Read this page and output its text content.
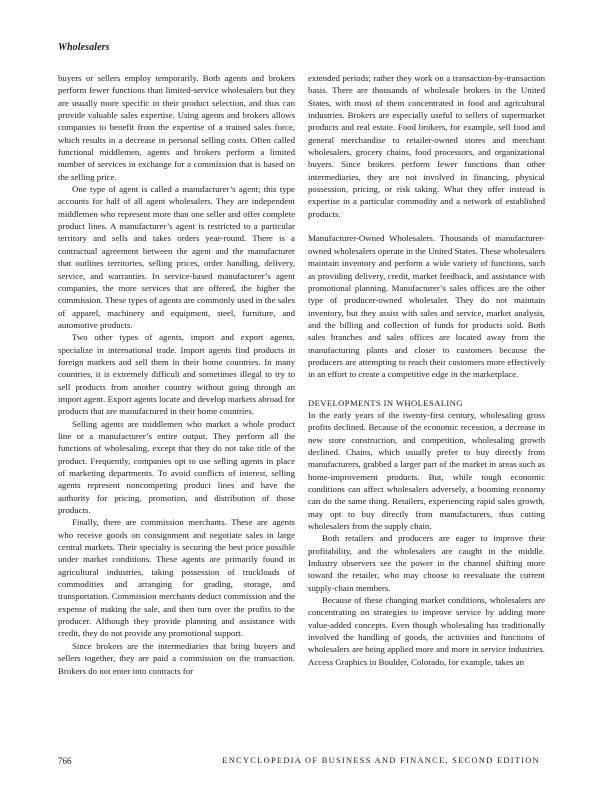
Wholesalers

buyers or sellers employ temporarily. Both agents and brokers perform fewer functions than limited-service wholesalers but they are usually more specific in their product selection, and thus can provide valuable sales expertise. Using agents and brokers allows companies to benefit from the expertise of a trained sales force, which results in a decrease in personal selling costs. Often called functional middlemen, agents and brokers perform a limited number of services in exchange for a commission that is based on the selling price.

One type of agent is called a manufacturer’s agent; this type accounts for half of all agent wholesalers. They are independent middlemen who represent more than one seller and offer complete product lines. A manufacturer’s agent is restricted to a particular territory and sells and takes orders year-round. There is a contractual agreement between the agent and the manufacturer that outlines territories, selling prices, order handling, delivery, service, and warranties. In service-based manufacturer’s agent companies, the more services that are offered, the higher the commission. These types of agents are commonly used in the sales of apparel, machinery and equipment, steel, furniture, and automotive products.

Two other types of agents, import and export agents, specialize in international trade. Import agents find products in foreign markets and sell them in their home countries. In many countries, it is extremely difficult and sometimes illegal to try to sell products from another country without going through an import agent. Export agents locate and develop markets abroad for products that are manufactured in their home countries.

Selling agents are middlemen who market a whole product line or a manufacturer’s entire output. They perform all the functions of wholesaling, except that they do not take title of the product. Frequently, companies opt to use selling agents in place of marketing departments. To avoid conflicts of interest, selling agents represent noncompeting product lines and have the authority for pricing, promotion, and distribution of those products.

Finally, there are commission merchants. These are agents who receive goods on consignment and negotiate sales in large central markets. Their specialty is securing the best price possible under market conditions. These agents are primarily found in agricultural industries, taking possession of truckloads of commodities and arranging for grading, storage, and transportation. Commission merchants deduct commission and the expense of making the sale, and then turn over the profits to the producer. Although they provide planning and assistance with credit, they do not provide any promotional support.

Since brokers are the intermediaries that bring buyers and sellers together, they are paid a commission on the transaction. Brokers do not enter into contracts for

extended periods; rather they work on a transaction-by-transaction basis. There are thousands of wholesale brokers in the United States, with most of them concentrated in food and agricultural industries. Brokers are especially useful to sellers of supermarket products and real estate. Food brokers, for example, sell food and general merchandise to retailer-owned stores and merchant wholesalers, grocery chains, food processors, and organizational buyers. Since brokers perform fewer functions than other intermediaries, they are not involved in financing, physical possession, pricing, or risk taking. What they offer instead is expertise in a particular commodity and a network of established products.

Manufacturer-Owned Wholesalers. Thousands of manufacturer-owned wholesalers operate in the United States. These wholesalers maintain inventory and perform a wide variety of functions, such as providing delivery, credit, market feedback, and assistance with promotional planning. Manufacturer’s sales offices are the other type of producer-owned wholesaler. They do not maintain inventory, but they assist with sales and service, market analysis, and the billing and collection of funds for products sold. Both sales branches and sales offices are located away from the manufacturing plants and closer to customers because the producers are attempting to reach their customers more effectively in an effort to create a competitive edge in the marketplace.

DEVELOPMENTS IN WHOLESALING

In the early years of the twenty-first century, wholesaling gross profits declined. Because of the economic recession, a decrease in new store construction, and competition, wholesaling growth declined. Chains, which usually prefer to buy directly from manufacturers, grabbed a larger part of the market in areas such as home-improvement products. But, while tough economic conditions can affect wholesalers adversely, a booming economy can do the same thing. Retailers, experiencing rapid sales growth, may opt to buy directly from manufacturers, thus cutting wholesalers from the supply chain.

Both retailers and producers are eager to improve their profitability, and the wholesalers are caught in the middle. Industry observers see the power in the channel shifting more toward the retailer, who may choose to reevaluate the current supply-chain members.

Because of these changing market conditions, wholesalers are concentrating on strategies to improve service by adding more value-added concepts. Even though wholesaling has traditionally involved the handling of goods, the activities and functions of wholesalers are being applied more and more in service industries. Access Graphics in Boulder, Colorado, for example, takes an

766	ENCYCLOPEDIA OF BUSINESS AND FINANCE, SECOND EDITION
